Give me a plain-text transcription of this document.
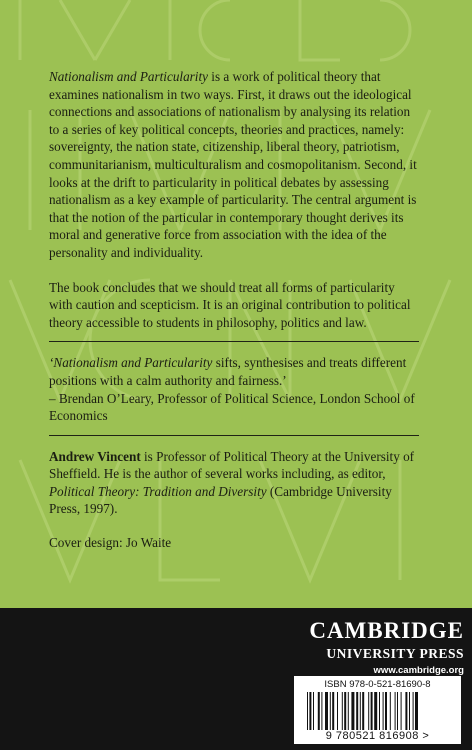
Nationalism and Particularity is a work of political theory that examines nationalism in two ways. First, it draws out the ideological connections and associations of nationalism by analysing its relation to a series of key political concepts, theories and practices, namely: sovereignty, the nation state, citizenship, liberal theory, patriotism, communitarianism, multiculturalism and cosmopolitanism. Second, it looks at the drift to particularity in political debates by assessing nationalism as a key example of particularity. The central argument is that the notion of the particular in contemporary thought derives its moral and generative force from association with the idea of the personality and individuality.

The book concludes that we should treat all forms of particularity with caution and scepticism. It is an original contribution to political theory accessible to students in philosophy, politics and law.

‘Nationalism and Particularity sifts, synthesises and treats different positions with a calm authority and fairness.’

– Brendan O’Leary, Professor of Political Science, London School of Economics

Andrew Vincent is Professor of Political Theory at the University of Sheffield. He is the author of several works including, as editor, Political Theory: Tradition and Diversity (Cambridge University Press, 1997).

Cover design: Jo Waite

CAMBRIDGE
UNIVERSITY PRESS
www.cambridge.org
ISBN 978-0-521-81690-8
9 780521 816908 >
